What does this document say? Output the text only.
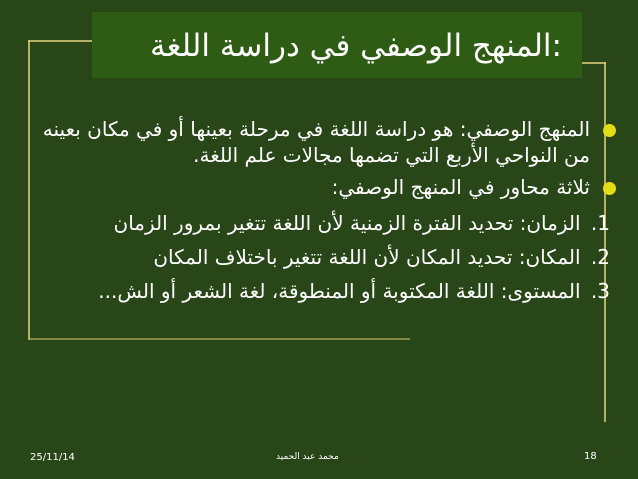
:المنهج الوصفي في دراسة اللغة
المنهج الوصفي: هو دراسة اللغة في مرحلة بعينها أو في مكان بعينه من النواحي الأربع التي تضمها مجالات علم اللغة.
ثلاثة محاور في المنهج الوصفي:
1. الزمان: تحديد الفترة الزمنية لأن اللغة تتغير بمرور الزمان
2. المكان: تحديد المكان لأن اللغة تتغير باختلاف المكان
3. المستوى: اللغة المكتوبة أو المنطوقة، لغة الشعر أو الش...
25/11/14	محمد عبد الحميد	18
